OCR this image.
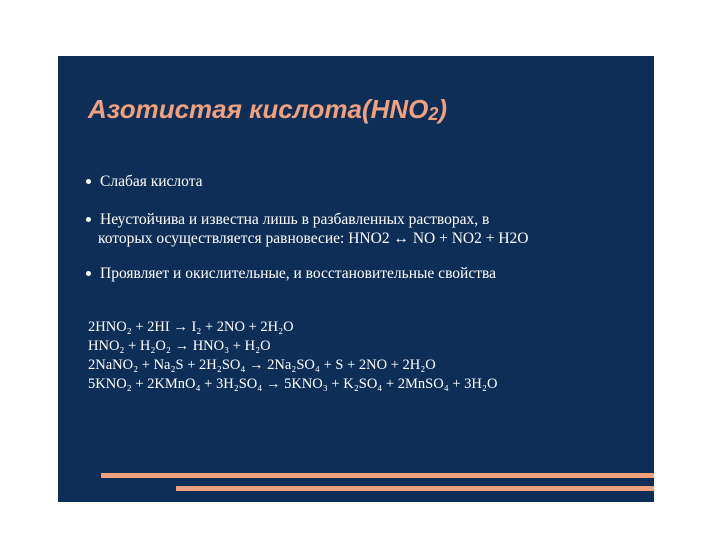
Азотистая $кислота(HNO_2)$
Слабая кислота
Неустойчива и известна лишь в разбавленных растворах, в
которых осуществляется равновесие: HNO2 ↔ NO + NO2 + H2O
Проявляет и окислительные, и восстановительные свойства
2HNO₂ + 2HI → I₂ + 2NO + 2H₂O
HNO₂ + H₂O₂ → HNO₃ + H₂O
2NaNO₂ + Na₂S + 2H₂SO₄ → 2Na₂SO₄ + S + 2NO + 2H₂O
5KNO₂ + 2KMnO₄ + 3H₂SO₄ → 5KNO₃ + K₂SO₄ + 2MnSO₄ + 3H₂O
